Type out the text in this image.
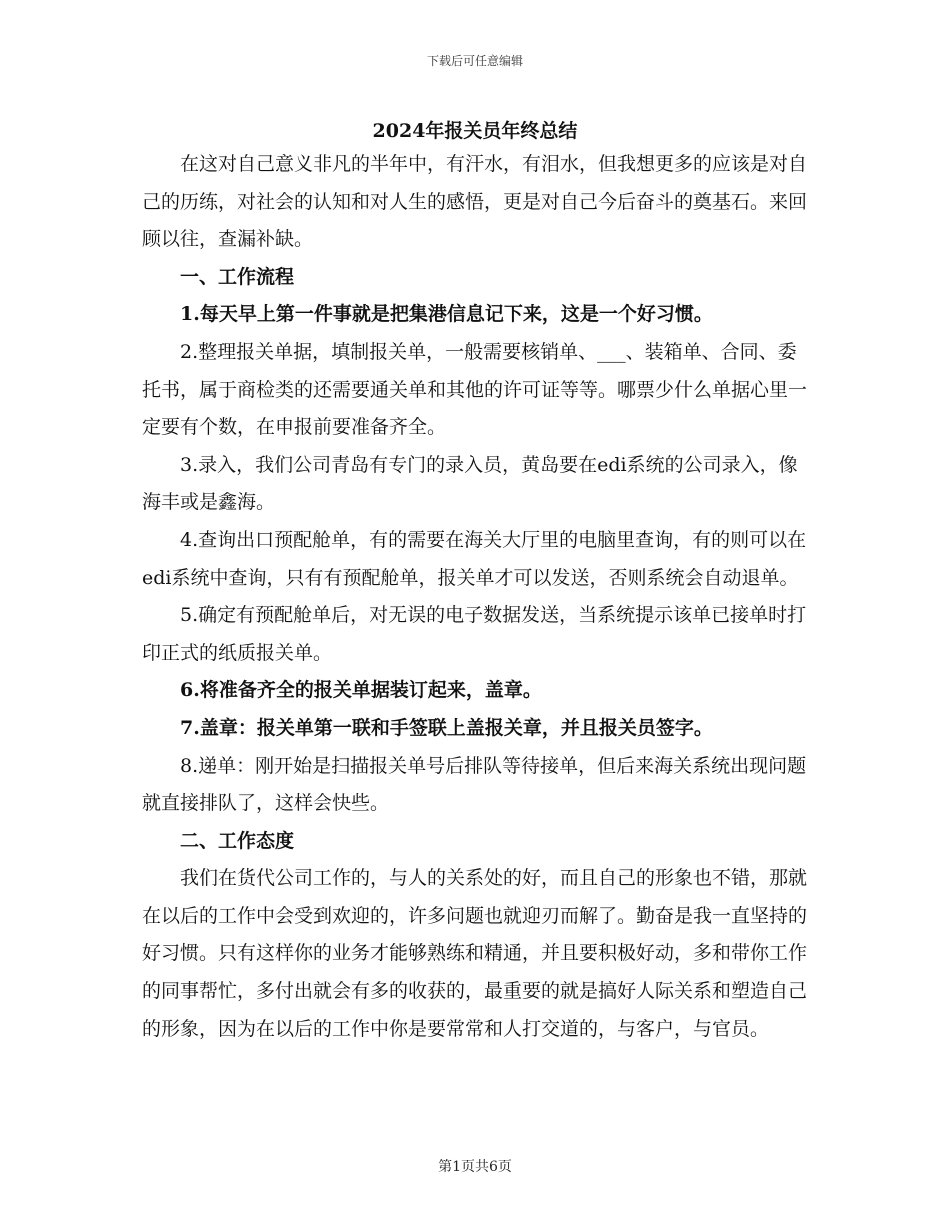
下载后可任意编辑
2024年报关员年终总结

在这对自己意义非凡的半年中，有汗水，有泪水，但我想更多的应该是对自己的历练，对社会的认知和对人生的感悟，更是对自己今后奋斗的奠基石。来回顾以往，查漏补缺。

一、工作流程

1.每天早上第一件事就是把集港信息记下来，这是一个好习惯。

2.整理报关单据，填制报关单，一般需要核销单、___、装箱单、合同、委托书，属于商检类的还需要通关单和其他的许可证等等。哪票少什么单据心里一定要有个数，在申报前要准备齐全。

3.录入，我们公司青岛有专门的录入员，黄岛要在edi系统的公司录入，像海丰或是鑫海。

4.查询出口预配舱单，有的需要在海关大厅里的电脑里查询，有的则可以在edi系统中查询，只有有预配舱单，报关单才可以发送，否则系统会自动退单。

5.确定有预配舱单后，对无误的电子数据发送，当系统提示该单已接单时打印正式的纸质报关单。

6.将准备齐全的报关单据装订起来，盖章。

7.盖章：报关单第一联和手签联上盖报关章，并且报关员签字。

8.递单：刚开始是扫描报关单号后排队等待接单，但后来海关系统出现问题就直接排队了，这样会快些。

二、工作态度

我们在货代公司工作的，与人的关系处的好，而且自己的形象也不错，那就在以后的工作中会受到欢迎的，许多问题也就迎刃而解了。勤奋是我一直坚持的好习惯。只有这样你的业务才能够熟练和精通，并且要积极好动，多和带你工作的同事帮忙，多付出就会有多的收获的，最重要的就是搞好人际关系和塑造自己的形象，因为在以后的工作中你是要常常和人打交道的，与客户，与官员。

第1页共6页
